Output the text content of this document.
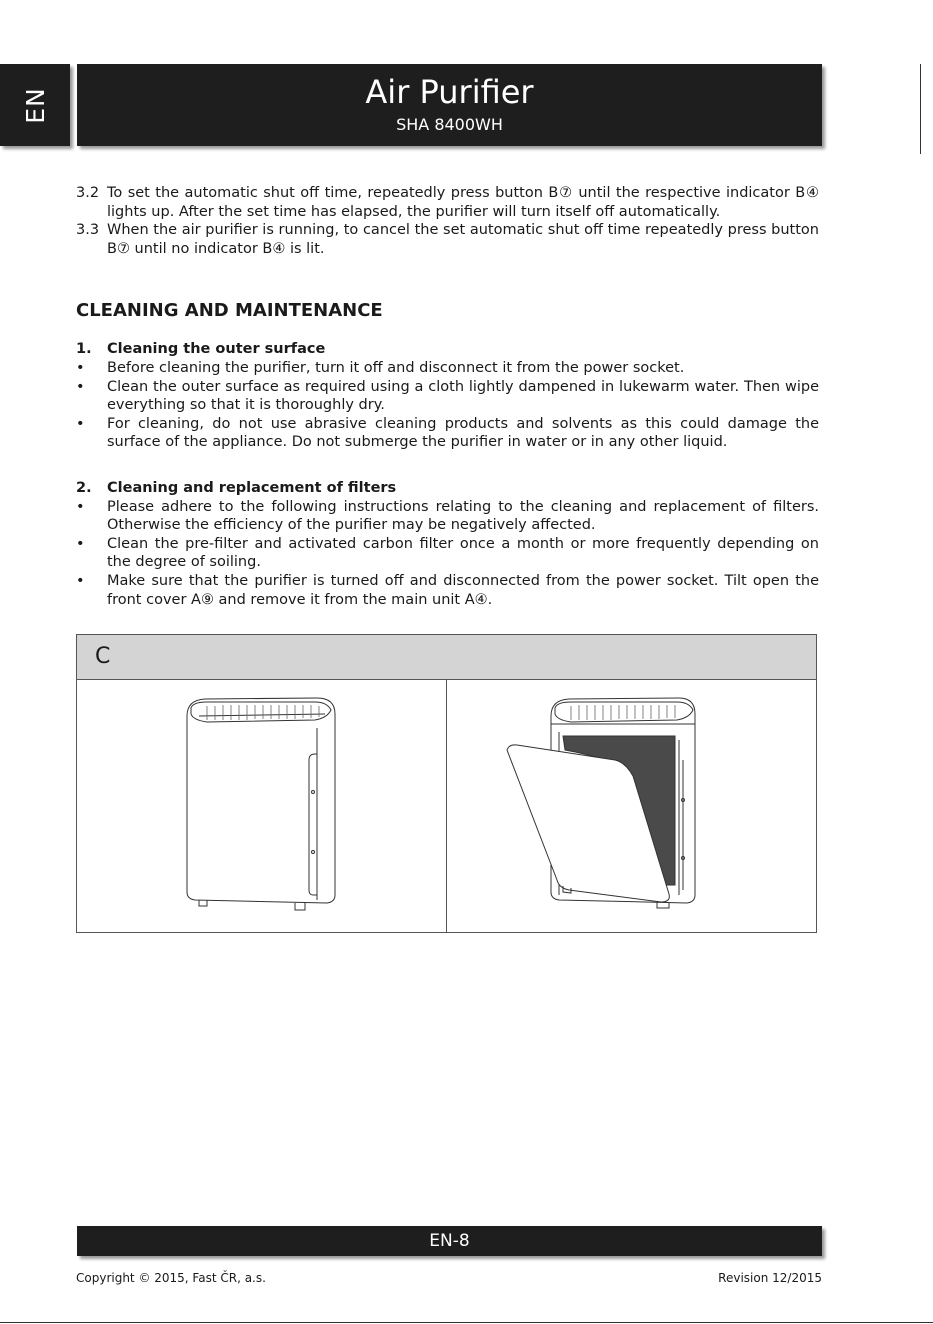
EN	Air Purifier
SHA 8400WH
3.2 To set the automatic shut off time, repeatedly press button B⑦ until the respective indicator B④ lights up. After the set time has elapsed, the purifier will turn itself off automatically.
3.3 When the air purifier is running, to cancel the set automatic shut off time repeatedly press button B⑦ until no indicator B④ is lit.
CLEANING AND MAINTENANCE
1.	Cleaning the outer surface
•	Before cleaning the purifier, turn it off and disconnect it from the power socket.
•	Clean the outer surface as required using a cloth lightly dampened in lukewarm water. Then wipe everything so that it is thoroughly dry.
•	For cleaning, do not use abrasive cleaning products and solvents as this could damage the surface of the appliance. Do not submerge the purifier in water or in any other liquid.
2.	Cleaning and replacement of filters
•	Please adhere to the following instructions relating to the cleaning and replacement of filters. Otherwise the efficiency of the purifier may be negatively affected.
•	Clean the pre-filter and activated carbon filter once a month or more frequently depending on the degree of soiling.
•	Make sure that the purifier is turned off and disconnected from the power socket. Tilt open the front cover A⑨ and remove it from the main unit A④.
C
EN-8
Copyright © 2015, Fast ČR, a.s.	Revision 12/2015
